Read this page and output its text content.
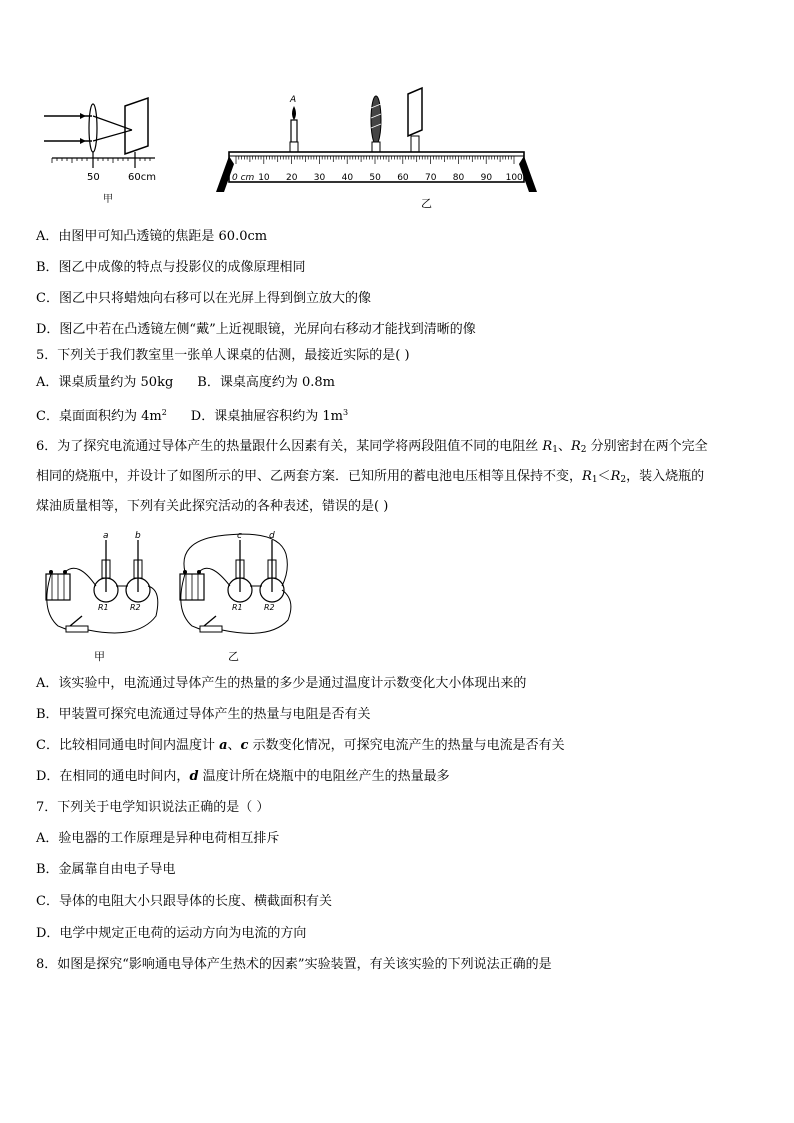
50	60cm
甲
A
0 cm 10 20 30 40 50 60 70 80 90 100
乙
A．由图甲可知凸透镜的焦距是 60.0cm
B．图乙中成像的特点与投影仪的成像原理相同
C．图乙中只将蜡烛向右移可以在光屏上得到倒立放大的像
D．图乙中若在凸透镜左侧“戴”上近视眼镜，光屏向右移动才能找到清晰的像
5．下列关于我们教室里一张单人课桌的估测，最接近实际的是( )
A．课桌质量约为 50kg B．课桌高度约为 0.8m
C．桌面面积约为 $4m^2$ D．课桌抽屉容积约为 $1m^3$
6．为了探究电流通过导体产生的热量跟什么因素有关，某同学将两段阻值不同的电阻丝 $R_1$、$R_2$ 分别密封在两个完全
相同的烧瓶中，并设计了如图所示的甲、乙两套方案．已知所用的蓄电池电压相等且保持不变，$R_1<R_2$，装入烧瓶的
煤油质量相等，下列有关此探究活动的各种表述，错误的是( )
a	b
R1	R2
甲
c	d
R1	R2
乙
A．该实验中，电流通过导体产生的热量的多少是通过温度计示数变化大小体现出来的
B．甲装置可探究电流通过导体产生的热量与电阻是否有关
C．比较相同通电时间内温度计 a、c 示数变化情况，可探究电流产生的热量与电流是否有关
D．在相同的通电时间内，d 温度计所在烧瓶中的电阻丝产生的热量最多
7．下列关于电学知识说法正确的是（ ）
A．验电器的工作原理是异种电荷相互排斥
B．金属靠自由电子导电
C．导体的电阻大小只跟导体的长度、横截面积有关
D．电学中规定正电荷的运动方向为电流的方向
8．如图是探究“影响通电导体产生热术的因素”实验装置，有关该实验的下列说法正确的是
